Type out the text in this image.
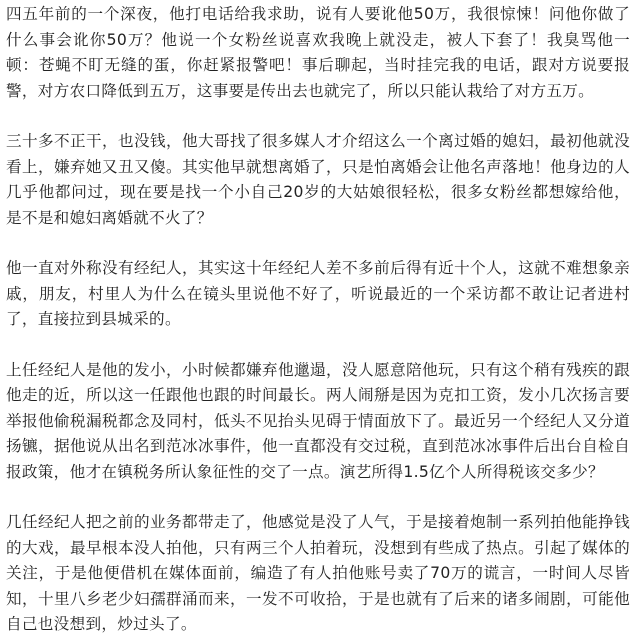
四五年前的一个深夜，他打电话给我求助，说有人要讹他50万，我很惊悚！问他你做了什么事会讹你50万？他说一个女粉丝说喜欢我晚上就没走，被人下套了！我臭骂他一顿：苍蝇不盯无缝的蛋，你赶紧报警吧！事后聊起，当时挂完我的电话，跟对方说要报警，对方农口降低到五万，这事要是传出去也就完了，所以只能认栽给了对方五万。

三十多不正干，也没钱，他大哥找了很多媒人才介绍这么一个离过婚的媳妇，最初他就没看上，嫌弃她又丑又傻。其实他早就想离婚了，只是怕离婚会让他名声落地！他身边的人几乎他都问过，现在要是找一个小自己20岁的大姑娘很轻松，很多女粉丝都想嫁给他，是不是和媳妇离婚就不火了？

他一直对外称没有经纪人，其实这十年经纪人差不多前后得有近十个人，这就不难想象亲戚，朋友，村里人为什么在镜头里说他不好了，听说最近的一个采访都不敢让记者进村了，直接拉到县城采的。

上任经纪人是他的发小，小时候都嫌弃他邋遢，没人愿意陪他玩，只有这个稍有残疾的跟他走的近，所以这一任跟他也跟的时间最长。两人闹掰是因为克扣工资，发小几次扬言要举报他偷税漏税都念及同村，低头不见抬头见碍于情面放下了。最近另一个经纪人又分道扬镳，据他说从出名到范冰冰事件，他一直都没有交过税，直到范冰冰事件后出台自检自报政策，他才在镇税务所认象征性的交了一点。演艺所得1.5亿个人所得税该交多少？

几任经纪人把之前的业务都带走了，他感觉是没了人气，于是接着炮制一系列拍他能挣钱的大戏，最早根本没人拍他，只有两三个人拍着玩，没想到有些成了热点。引起了媒体的关注，于是他便借机在媒体面前，编造了有人拍他账号卖了70万的谎言，一时间人尽皆知，十里八乡老少妇孺群涌而来，一发不可收拾，于是也就有了后来的诸多闹剧，可能他自己也没想到，炒过头了。
